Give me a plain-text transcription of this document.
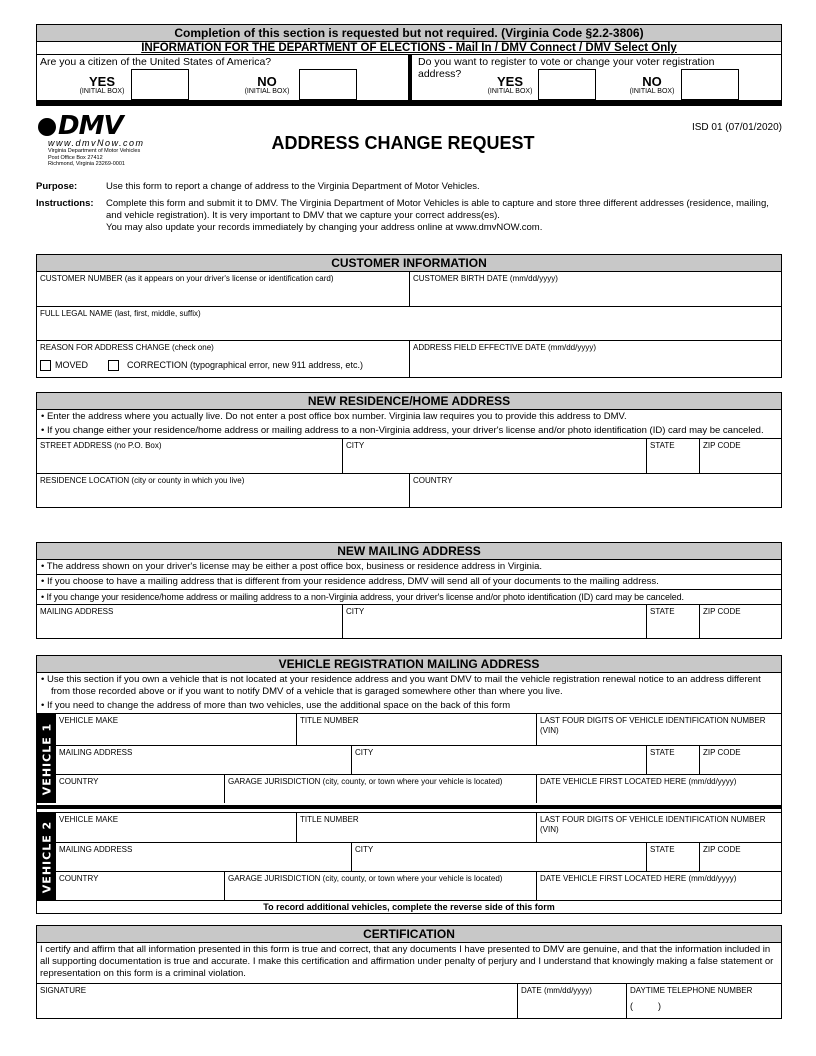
Completion of this section is requested but not required. (Virginia Code §2.2-3806)
INFORMATION FOR THE DEPARTMENT OF ELECTIONS - Mail In / DMV Connect / DMV Select Only
Are you a citizen of the United States of America?
YES
(INITIAL BOX)
NO
(INITIAL BOX)
Do you want to register to vote or change your voter registration address?	YES
(INITIAL BOX)
NO
(INITIAL BOX)
DMV
www.dmvNow.com
Virginia Department of Motor Vehicles
Post Office Box 27412
Richmond, Virginia 23269-0001
ADDRESS CHANGE REQUEST
ISD 01 (07/01/2020)
Purpose:	Use this form to report a change of address to the Virginia Department of Motor Vehicles.
Instructions:	Complete this form and submit it to DMV. The Virginia Department of Motor Vehicles is able to capture and store three different addresses (residence, mailing, and vehicle registration). It is very important to DMV that we capture your correct address(es).
You may also update your records immediately by changing your address online at www.dmvNOW.com.
CUSTOMER INFORMATION
CUSTOMER NUMBER (as it appears on your driver's license or identification card)	CUSTOMER BIRTH DATE (mm/dd/yyyy)
FULL LEGAL NAME (last, first, middle, suffix)
REASON FOR ADDRESS CHANGE (check one)
MOVED	CORRECTION (typographical error, new 911 address, etc.)
ADDRESS FIELD EFFECTIVE DATE (mm/dd/yyyy)
NEW RESIDENCE/HOME ADDRESS
• Enter the address where you actually live. Do not enter a post office box number. Virginia law requires you to provide this address to DMV.
• If you change either your residence/home address or mailing address to a non-Virginia address, your driver's license and/or photo identification (ID) card may be canceled.
STREET ADDRESS (no P.O. Box)	CITY	STATE	ZIP CODE
RESIDENCE LOCATION (city or county in which you live)	COUNTRY
NEW MAILING ADDRESS
• The address shown on your driver's license may be either a post office box, business or residence address in Virginia.
• If you choose to have a mailing address that is different from your residence address, DMV will send all of your documents to the mailing address.
• If you change your residence/home address or mailing address to a non-Virginia address, your driver's license and/or photo identification (ID) card may be canceled.
MAILING ADDRESS	CITY	STATE	ZIP CODE
VEHICLE REGISTRATION MAILING ADDRESS
• Use this section if you own a vehicle that is not located at your residence address and you want DMV to mail the vehicle registration renewal notice to an address different from those recorded above or if you want to notify DMV of a vehicle that is garaged somewhere other than where you live.
• If you need to change the address of more than two vehicles, use the additional space on the back of this form
VEHICLE 1
VEHICLE MAKE	TITLE NUMBER	LAST FOUR DIGITS OF VEHICLE IDENTIFICATION NUMBER (VIN)
MAILING ADDRESS	CITY	STATE	ZIP CODE
COUNTRY	GARAGE JURISDICTION (city, county, or town where your vehicle is located)	DATE VEHICLE FIRST LOCATED HERE (mm/dd/yyyy)
VEHICLE 2
VEHICLE MAKE	TITLE NUMBER	LAST FOUR DIGITS OF VEHICLE IDENTIFICATION NUMBER (VIN)
MAILING ADDRESS	CITY	STATE	ZIP CODE
COUNTRY	GARAGE JURISDICTION (city, county, or town where your vehicle is located)	DATE VEHICLE FIRST LOCATED HERE (mm/dd/yyyy)
To record additional vehicles, complete the reverse side of this form
CERTIFICATION
I certify and affirm that all information presented in this form is true and correct, that any documents I have presented to DMV are genuine, and that the information included in all supporting documentation is true and accurate. I make this certification and affirmation under penalty of perjury and I understand that knowingly making a false statement or representation on this form is a criminal violation.
SIGNATURE	DATE (mm/dd/yyyy)	DAYTIME TELEPHONE NUMBER
(          )
